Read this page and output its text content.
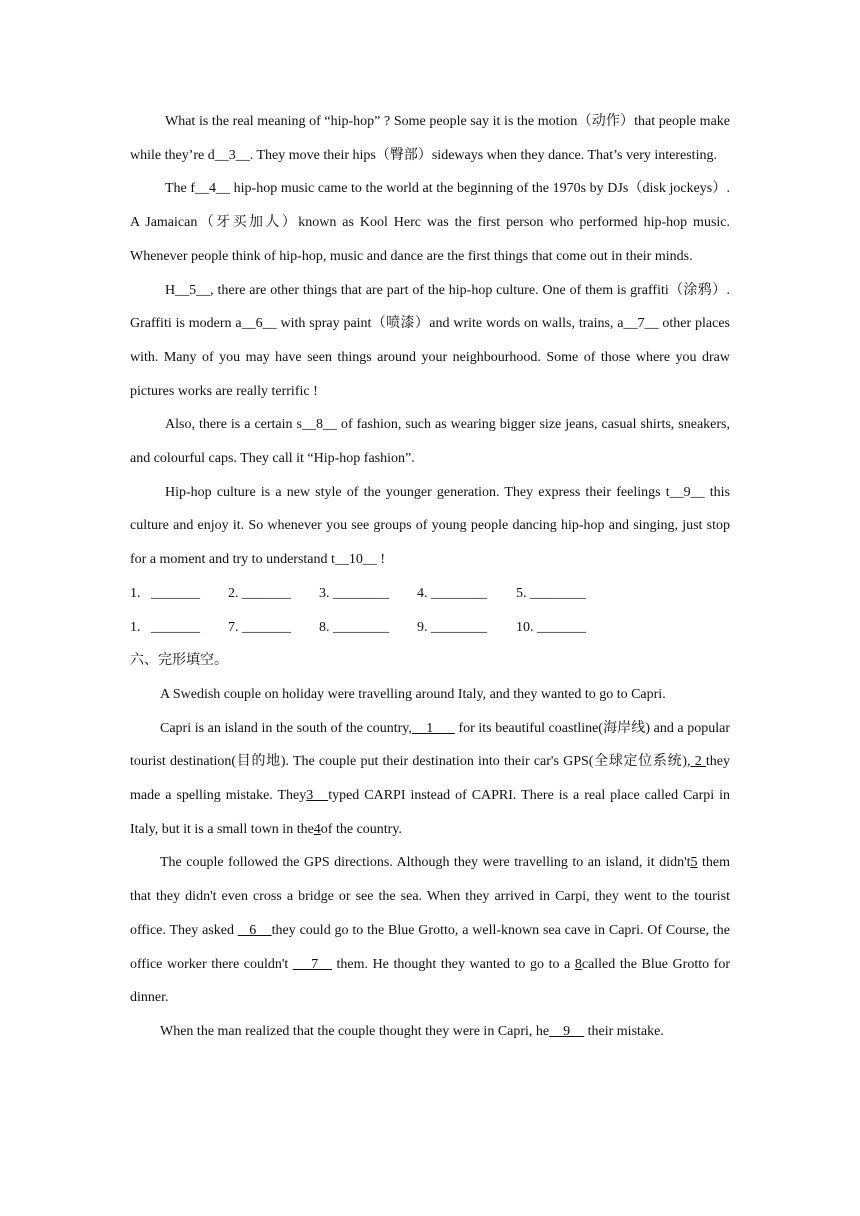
What is the real meaning of “hip-hop” ? Some people say it is the motion（动作）that people make while they’re d__3__. They move their hips（臀部）sideways when they dance. That’s very interesting.

The f__4__ hip-hop music came to the world at the beginning of the 1970s by DJs（disk jockeys）. A Jamaican（牙买加人）known as Kool Herc was the first person who performed hip-hop music. Whenever people think of hip-hop, music and dance are the first things that come out in their minds.

H__5__, there are other things that are part of the hip-hop culture. One of them is graffiti（涂鸦）. Graffiti is modern a__6__ with spray paint（喷漆）and write words on walls, trains, a__7__ other places with. Many of you may have seen things around your neighbourhood. Some of those where you draw pictures works are really terrific !

Also, there is a certain s__8__ of fashion, such as wearing bigger size jeans, casual shirts, sneakers, and colourful caps. They call it “Hip-hop fashion”.

Hip-hop culture is a new style of the younger generation. They express their feelings t__9__ this culture and enjoy it. So whenever you see groups of young people dancing hip-hop and singing, just stop for a moment and try to understand t__10__ !

1.   _______	2. _______	3. ________	4. ________	5. ________
1.   _______	7. _______	8. ________	9. ________	10. _______

六、完形填空。

A Swedish couple on holiday were travelling around Italy, and they wanted to go to Capri.

Capri is an island in the south of the country,    1       for its beautiful coastline(海岸线) and a popular tourist destination(目的地). The couple put their destination into their car's GPS(全球定位系统), 2 they made a spelling mistake. They3   typed CARPI instead of CAPRI. There is a real place called Carpi in Italy, but it is a small town in the4of the country.

The couple followed the GPS directions. Although they were travelling to an island, it didn't5 them that they didn't even cross a bridge or see the sea. When they arrived in Carpi, they went to the tourist office. They asked    6    they could go to the Blue Grotto, a well-known sea cave in Capri. Of Course, the office worker there couldn't     7    them. He thought they wanted to go to a 8called the Blue Grotto for dinner.

When the man realized that the couple thought they were in Capri, he    9     their mistake.
